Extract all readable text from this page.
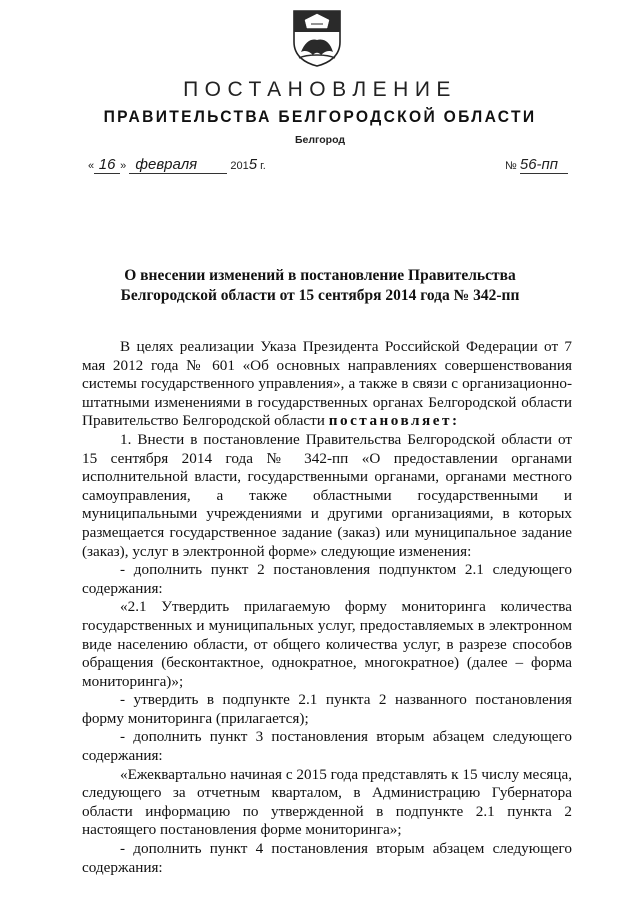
ПОСТАНОВЛЕНИЕ
ПРАВИТЕЛЬСТВА БЕЛГОРОДСКОЙ ОБЛАСТИ
Белгород
« 16 » февраля	2015 г.	№ 56-пп
О внесении изменений в постановление Правительства
Белгородской области от 15 сентября 2014 года № 342-пп

В целях реализации Указа Президента Российской Федерации от 7 мая 2012 года № 601 «Об основных направлениях совершенствования системы государственного управления», а также в связи с организационно-штатными изменениями в государственных органах Белгородской области Правительство Белгородской области постановляет:

1. Внести в постановление Правительства Белгородской области от 15 сентября 2014 года № 342-пп «О предоставлении органами исполнительной власти, государственными органами, органами местного самоуправления, а также областными государственными и муниципальными учреждениями и другими организациями, в которых размещается государственное задание (заказ) или муниципальное задание (заказ), услуг в электронной форме» следующие изменения:

- дополнить пункт 2 постановления подпунктом 2.1 следующего содержания:

«2.1 Утвердить прилагаемую форму мониторинга количества государственных и муниципальных услуг, предоставляемых в электронном виде населению области, от общего количества услуг, в разрезе способов обращения (бесконтактное, однократное, многократное) (далее – форма мониторинга)»;

- утвердить в подпункте 2.1 пункта 2 названного постановления форму мониторинга (прилагается);

- дополнить пункт 3 постановления вторым абзацем следующего содержания:

«Ежеквартально начиная с 2015 года представлять к 15 числу месяца, следующего за отчетным кварталом, в Администрацию Губернатора области информацию по утвержденной в подпункте 2.1 пункта 2 настоящего постановления форме мониторинга»;

- дополнить пункт 4 постановления вторым абзацем следующего содержания:
